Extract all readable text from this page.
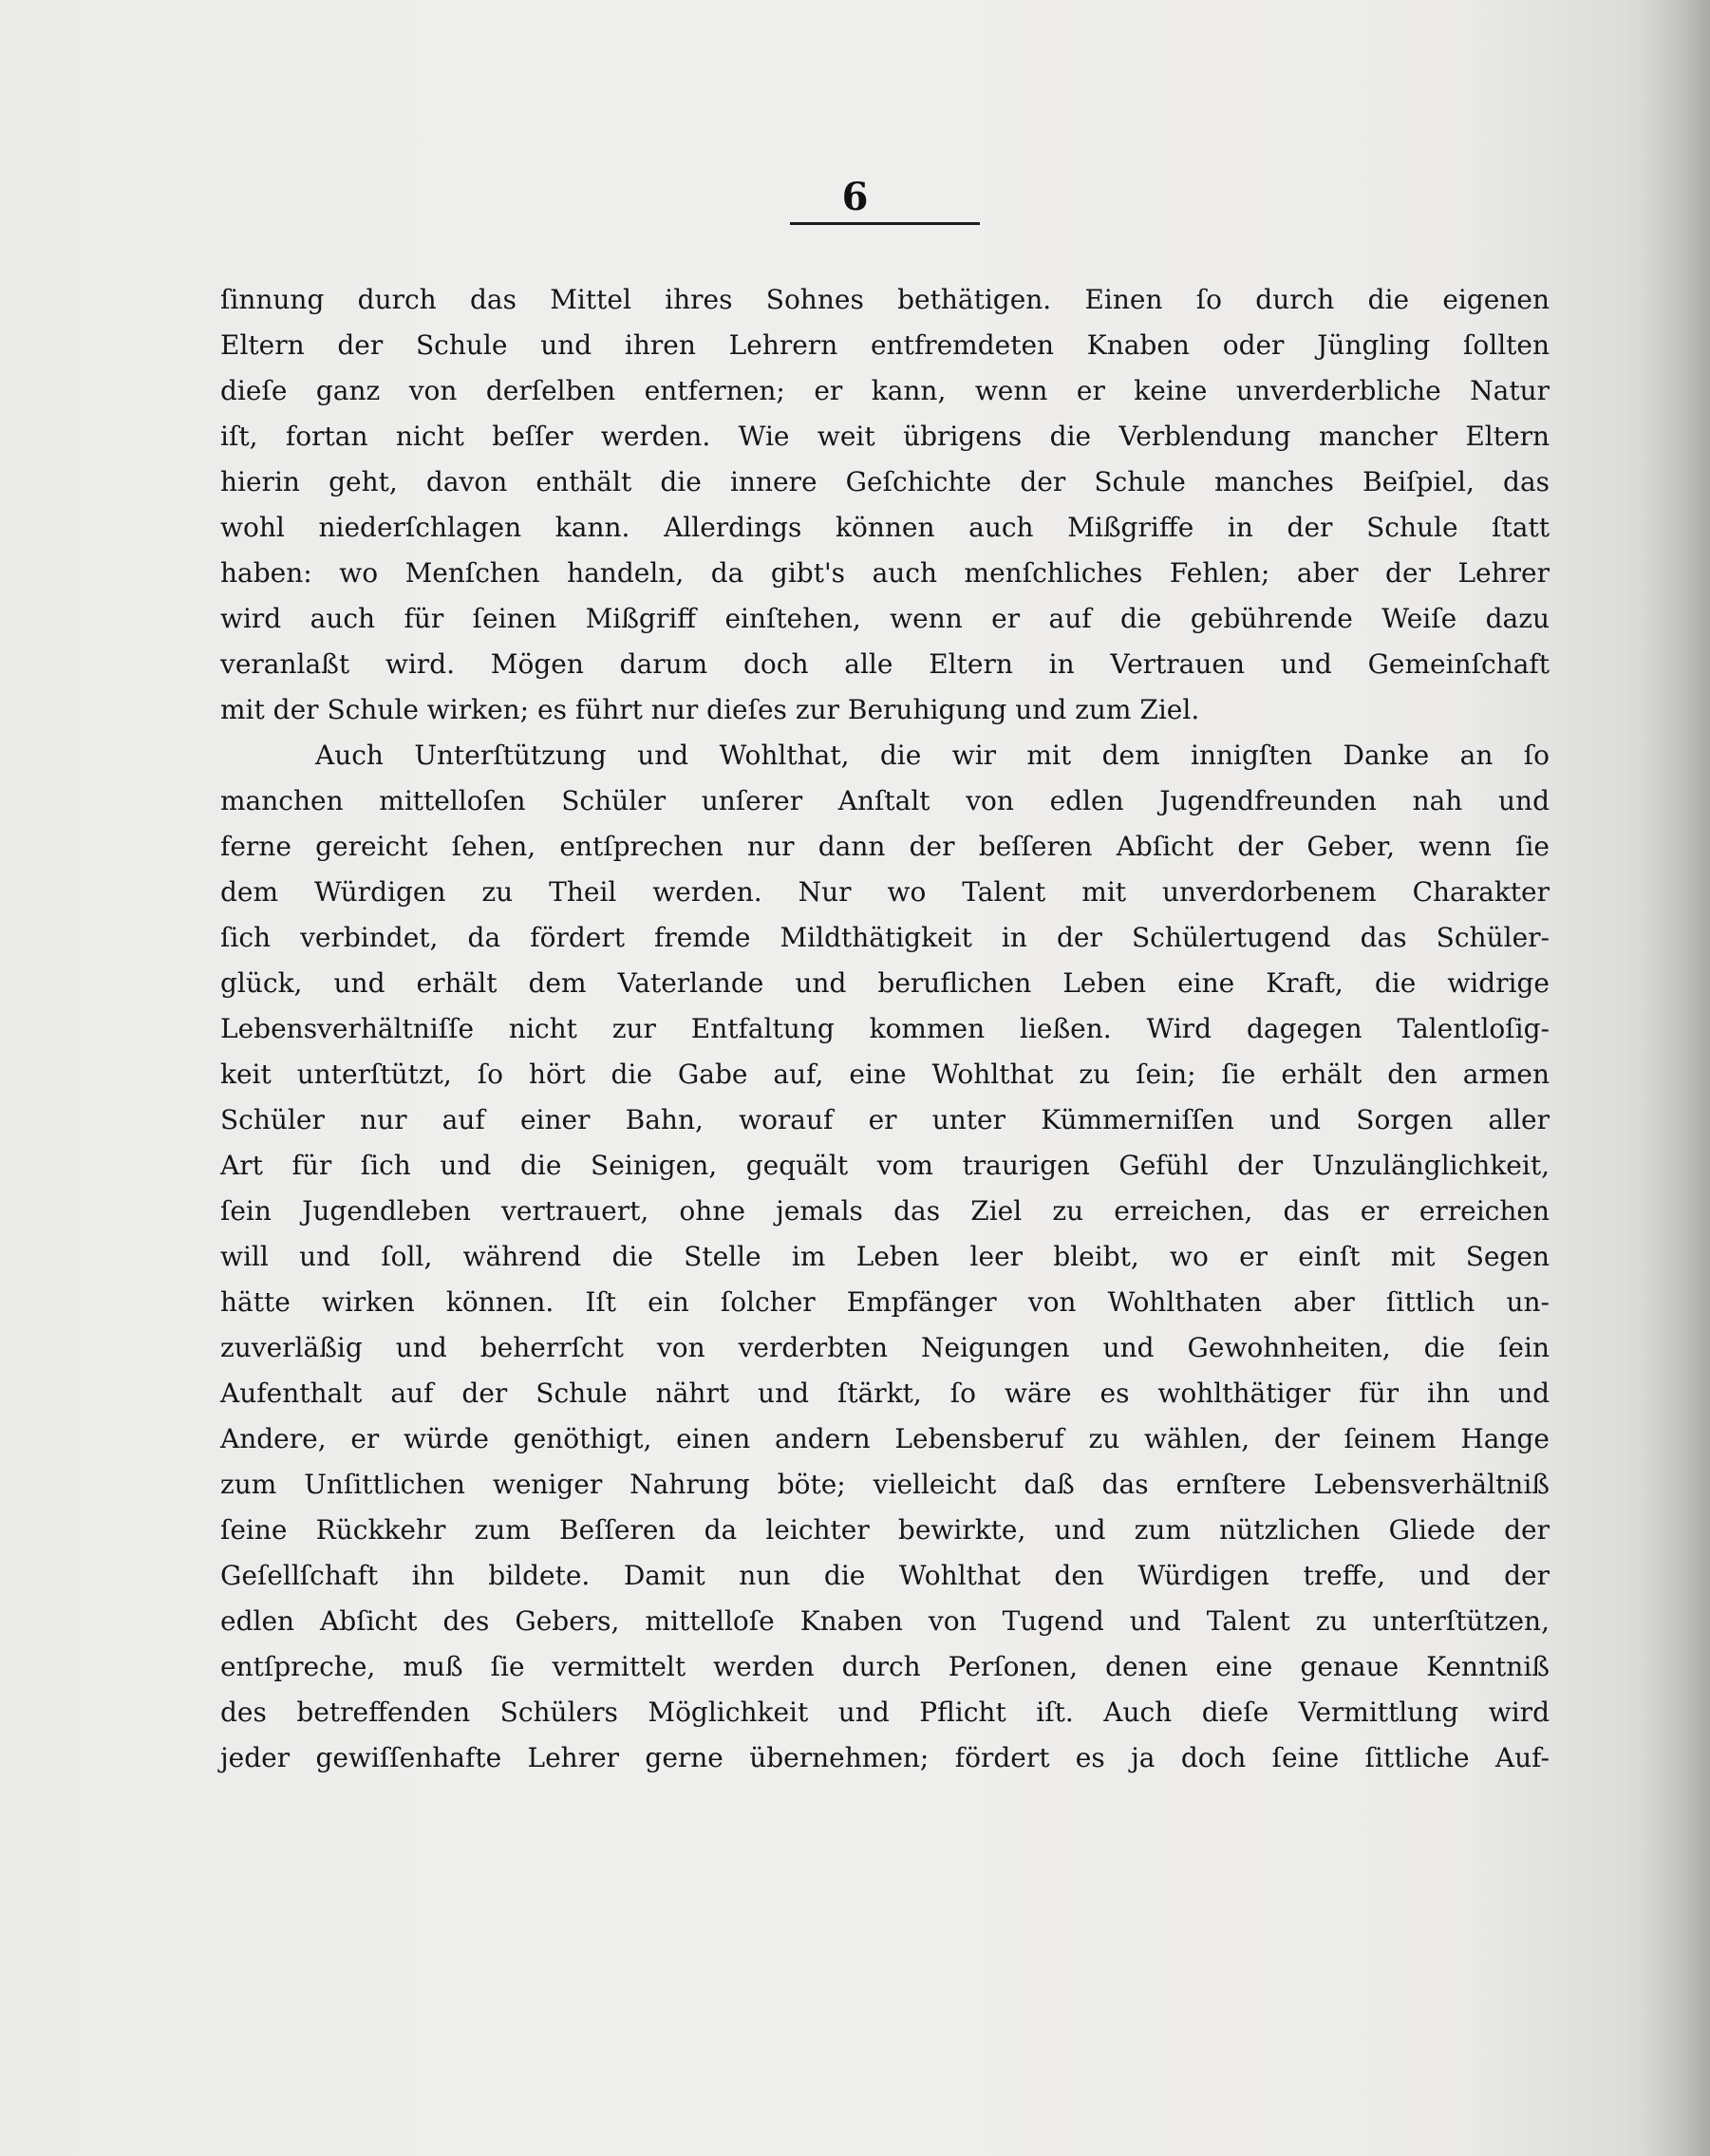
6
ſinnung durch das Mittel ihres Sohnes bethätigen. Einen ſo durch die eigenen
Eltern der Schule und ihren Lehrern entfremdeten Knaben oder Jüngling ſollten
dieſe ganz von derſelben entfernen; er kann, wenn er keine unverderbliche Natur
iſt, fortan nicht beſſer werden. Wie weit übrigens die Verblendung mancher Eltern
hierin geht, davon enthält die innere Geſchichte der Schule manches Beiſpiel, das
wohl niederſchlagen kann. Allerdings können auch Mißgriffe in der Schule ſtatt
haben: wo Menſchen handeln, da gibt's auch menſchliches Fehlen; aber der Lehrer
wird auch für ſeinen Mißgriff einſtehen, wenn er auf die gebührende Weiſe dazu
veranlaßt wird. Mögen darum doch alle Eltern in Vertrauen und Gemeinſchaft
mit der Schule wirken; es führt nur dieſes zur Beruhigung und zum Ziel.
Auch Unterſtützung und Wohlthat, die wir mit dem innigſten Danke an ſo
manchen mittelloſen Schüler unſerer Anſtalt von edlen Jugendfreunden nah und
ferne gereicht ſehen, entſprechen nur dann der beſſeren Abſicht der Geber, wenn ſie
dem Würdigen zu Theil werden. Nur wo Talent mit unverdorbenem Charakter
ſich verbindet, da fördert fremde Mildthätigkeit in der Schülertugend das Schüler-
glück, und erhält dem Vaterlande und beruflichen Leben eine Kraft, die widrige
Lebensverhältniſſe nicht zur Entfaltung kommen ließen. Wird dagegen Talentloſig-
keit unterſtützt, ſo hört die Gabe auf, eine Wohlthat zu ſein; ſie erhält den armen
Schüler nur auf einer Bahn, worauf er unter Kümmerniſſen und Sorgen aller
Art für ſich und die Seinigen, gequält vom traurigen Gefühl der Unzulänglichkeit,
ſein Jugendleben vertrauert, ohne jemals das Ziel zu erreichen, das er erreichen
will und ſoll, während die Stelle im Leben leer bleibt, wo er einſt mit Segen
hätte wirken können. Iſt ein ſolcher Empfänger von Wohlthaten aber ſittlich un-
zuverläßig und beherrſcht von verderbten Neigungen und Gewohnheiten, die ſein
Aufenthalt auf der Schule nährt und ſtärkt, ſo wäre es wohlthätiger für ihn und
Andere, er würde genöthigt, einen andern Lebensberuf zu wählen, der ſeinem Hange
zum Unſittlichen weniger Nahrung böte; vielleicht daß das ernſtere Lebensverhältniß
ſeine Rückkehr zum Beſſeren da leichter bewirkte, und zum nützlichen Gliede der
Geſellſchaft ihn bildete. Damit nun die Wohlthat den Würdigen treffe, und der
edlen Abſicht des Gebers, mittelloſe Knaben von Tugend und Talent zu unterſtützen,
entſpreche, muß ſie vermittelt werden durch Perſonen, denen eine genaue Kenntniß
des betreffenden Schülers Möglichkeit und Pflicht iſt. Auch dieſe Vermittlung wird
jeder gewiſſenhafte Lehrer gerne übernehmen; fördert es ja doch ſeine ſittliche Auf-
